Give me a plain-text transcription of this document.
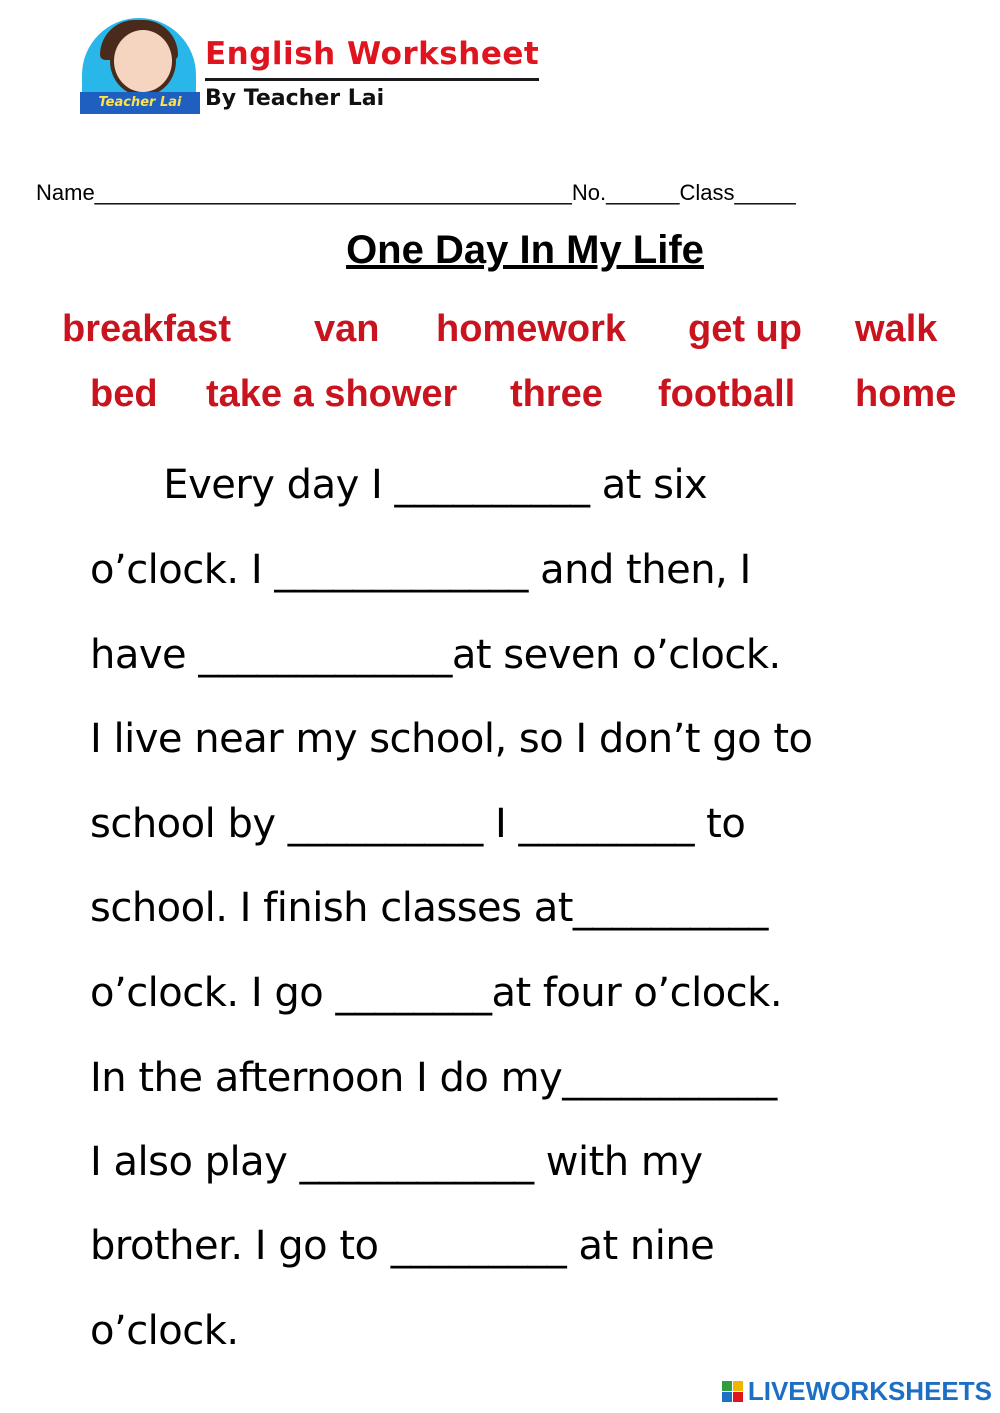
Teacher Lai
English Worksheet
By Teacher Lai
Name_______________________________________No.______Class_____
One Day In My Life
breakfast van homework get up walk
bed take a shower three football home
Every day I __________ at six
o’clock. I _____________ and then, I
have _____________at seven o’clock.
I live near my school, so I don’t go to
school by __________ I _________ to
school. I finish classes at__________
o’clock. I go ________at four o’clock.
In the afternoon I do my___________
I also play ____________ with my
brother. I go to _________ at nine
o’clock.
LIVEWORKSHEETS
